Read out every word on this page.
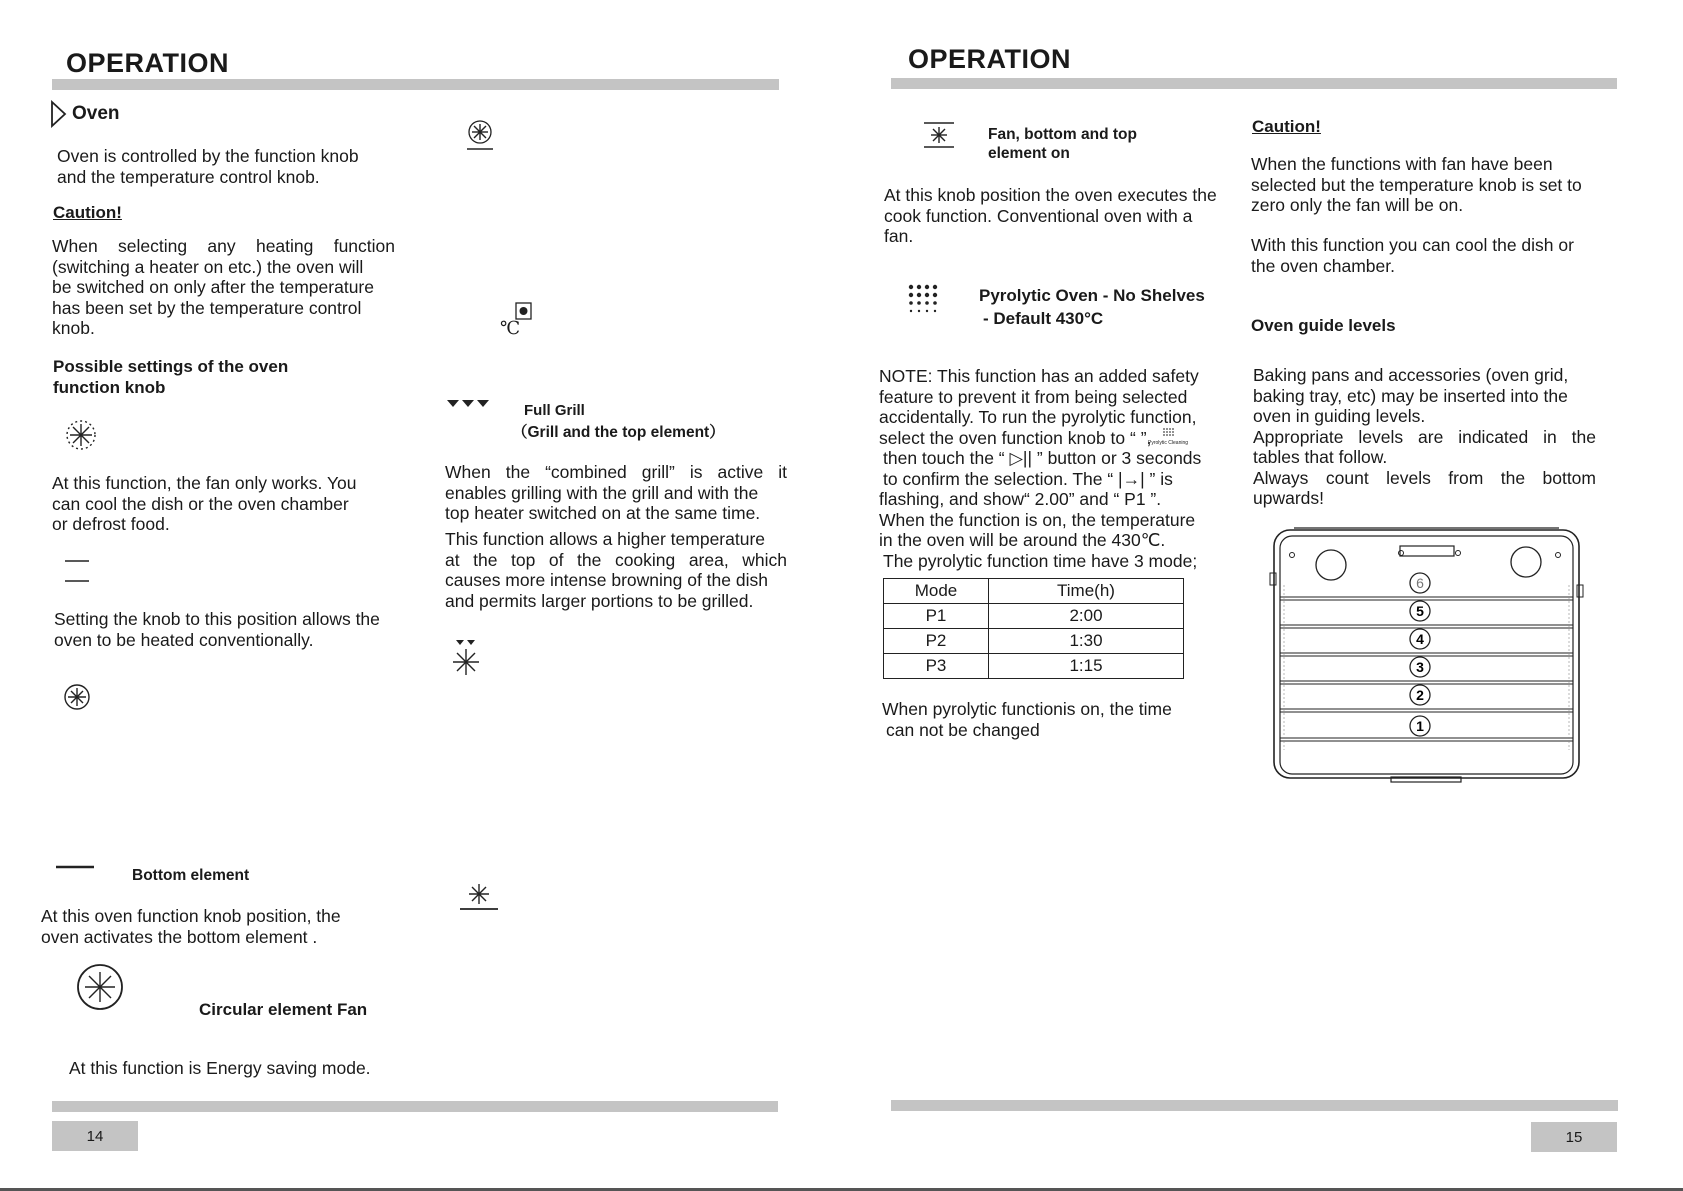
OPERATION
Oven

Oven is controlled by the function knob

and the temperature control knob.

Caution!

When selecting any heating function

(switching a heater on etc.) the oven will

be switched on only after the temperature

has been set by the temperature control

knob.

Possible settings of the oven
function knob

At this function, the fan only works. You

can cool the dish or the oven chamber

or defrost food.

Setting the knob to this position allows the

oven to be heated conventionally.

Bottom element

At this oven function knob position, the

oven activates the bottom element .

Circular element Fan

At this function is Energy saving mode.

℃
Full Grill
（Grill and the top element）

When the “combined grill” is active it

enables grilling with the grill and with the

top heater switched on at the same time.

This function allows a higher temperature

at the top of the cooking area, which

causes more intense browning of the dish

and permits larger portions to be grilled.

14
OPERATION
Fan, bottom and top
element on

At this knob position the oven executes the

cook function. Conventional oven with a

fan.

Pyrolytic Oven - No Shelves
- Default 430°C

NOTE: This function has an added safety

feature to prevent it from being selected

accidentally. To run the pyrolytic function,

select the oven function knob to “ ”,

then touch the “ ▷|| ” button or 3 seconds

to confirm the selection. The “ |→| ” is

flashing, and show“ 2.00” and “ P1 ”.

When the function is on, the temperature

in the oven will be around the 430℃.

The pyrolytic function time have 3 mode;

Pyrolytic Cleaning
Mode	Time(h)
P1	2:00
P2	1:30
P3	1:15

When pyrolytic functionis on, the time

can not be changed

Caution!

When the functions with fan have been

selected but the temperature knob is set to

zero only the fan will be on.

With this function you can cool the dish or

the oven chamber.

Oven guide levels

Baking pans and accessories (oven grid,

baking tray, etc) may be inserted into the

oven in guiding levels.

Appropriate levels are indicated in the

tables that follow.

Always count levels from the bottom

upwards!

6
5
4
3
2
1
15
